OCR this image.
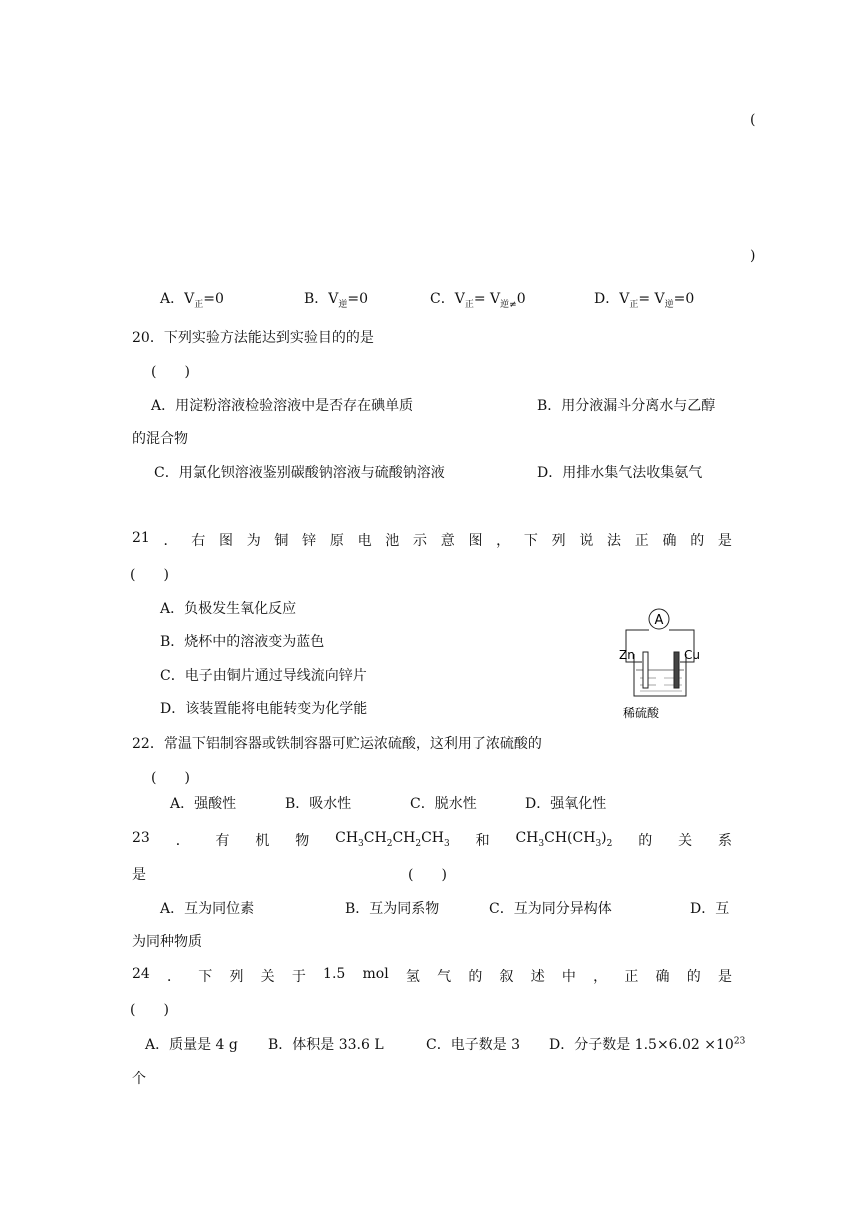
(
)
A．$V_正=0$	B．$V_逆=0$	C．$V_正= V_{逆\ne}0$	D．$V_正= V_逆=0$
20．下列实验方法能达到实验目的的是
(　　)
A．用淀粉溶液检验溶液中是否存在碘单质	B．用分液漏斗分离水与乙醇
的混合物
C．用氯化钡溶液鉴别碳酸钠溶液与硫酸钠溶液	D．用排水集气法收集氨气
21 ． 右 图 为 铜 锌 原 电 池 示 意 图 ， 下 列 说 法 正 确 的 是
(　　)
A．负极发生氧化反应
B．烧杯中的溶液变为蓝色
C．电子由铜片通过导线流向锌片
D．该装置能将电能转变为化学能
A
Zn	Cu
稀硫酸
22．常温下铝制容器或铁制容器可贮运浓硫酸，这利用了浓硫酸的
(　　)
A．强酸性	B．吸水性	C．脱水性	D．强氧化性
23 ． 有 机 物 $CH_3CH_2CH_2CH_3$ 和 $CH_3CH(CH_3)_2$ 的 关 系
是	(　　)
A．互为同位素	B．互为同系物	C．互为同分异构体	D．互
为同种物质
24 ． 下 列 关 于 1.5 mol 氢 气 的 叙 述 中 ， 正 确 的 是
(　　)
A．质量是 4 g B．体积是 33.6 L	C．电子数是 3 D．分子数是 $1.5\times 6.02 \times 10^{23}$
个
